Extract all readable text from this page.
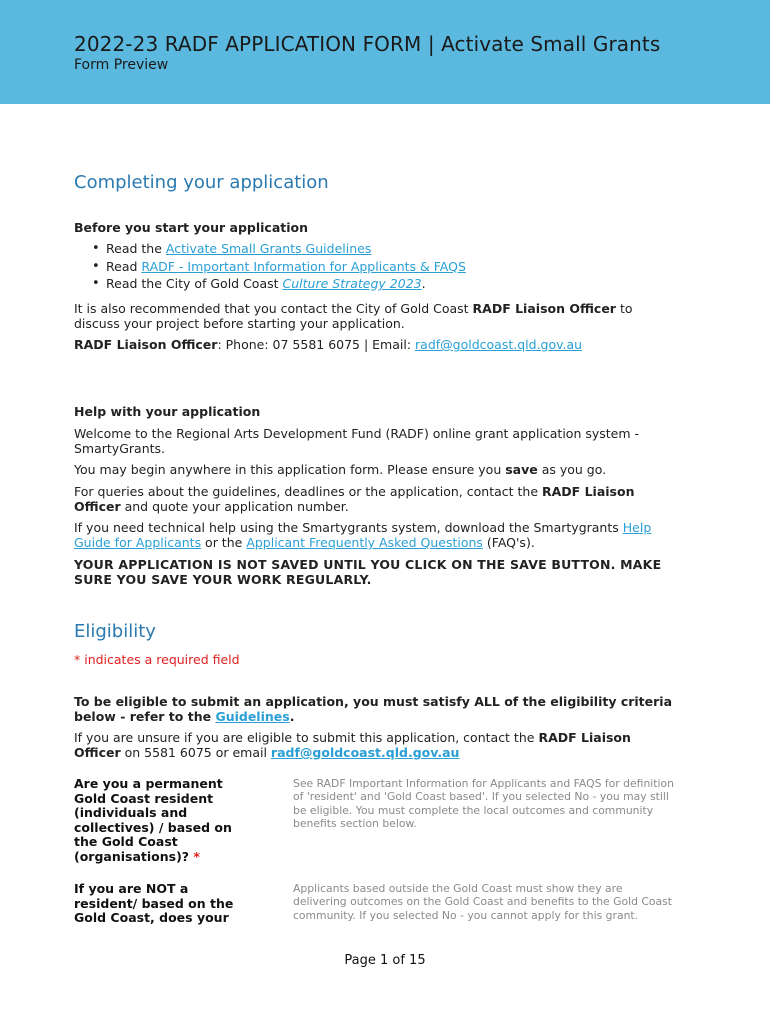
2022-23 RADF APPLICATION FORM | Activate Small Grants
Form Preview
Completing your application
Before you start your application
• Read the Activate Small Grants Guidelines
• Read RADF - Important Information for Applicants & FAQS
• Read the City of Gold Coast Culture Strategy 2023.
It is also recommended that you contact the City of Gold Coast RADF Liaison Officer to discuss your project before starting your application.
RADF Liaison Officer: Phone: 07 5581 6075 | Email: radf@goldcoast.qld.gov.au
Help with your application
Welcome to the Regional Arts Development Fund (RADF) online grant application system - SmartyGrants.
You may begin anywhere in this application form. Please ensure you save as you go.
For queries about the guidelines, deadlines or the application, contact the RADF Liaison Officer and quote your application number.
If you need technical help using the Smartygrants system, download the Smartygrants Help Guide for Applicants or the Applicant Frequently Asked Questions (FAQ's).
YOUR APPLICATION IS NOT SAVED UNTIL YOU CLICK ON THE SAVE BUTTON. MAKE SURE YOU SAVE YOUR WORK REGULARLY.
Eligibility
* indicates a required field
To be eligible to submit an application, you must satisfy ALL of the eligibility criteria below - refer to the Guidelines.
If you are unsure if you are eligible to submit this application, contact the RADF Liaison Officer on 5581 6075 or email radf@goldcoast.qld.gov.au
Are you a permanent Gold Coast resident (individuals and collectives) / based on the Gold Coast (organisations)? *
See RADF Important Information for Applicants and FAQS for definition of 'resident' and 'Gold Coast based'. If you selected No - you may still be eligible. You must complete the local outcomes and community benefits section below.
If you are NOT a resident/ based on the Gold Coast, does your
Applicants based outside the Gold Coast must show they are delivering outcomes on the Gold Coast and benefits to the Gold Coast community. If you selected No - you cannot apply for this grant.
Page 1 of 15
